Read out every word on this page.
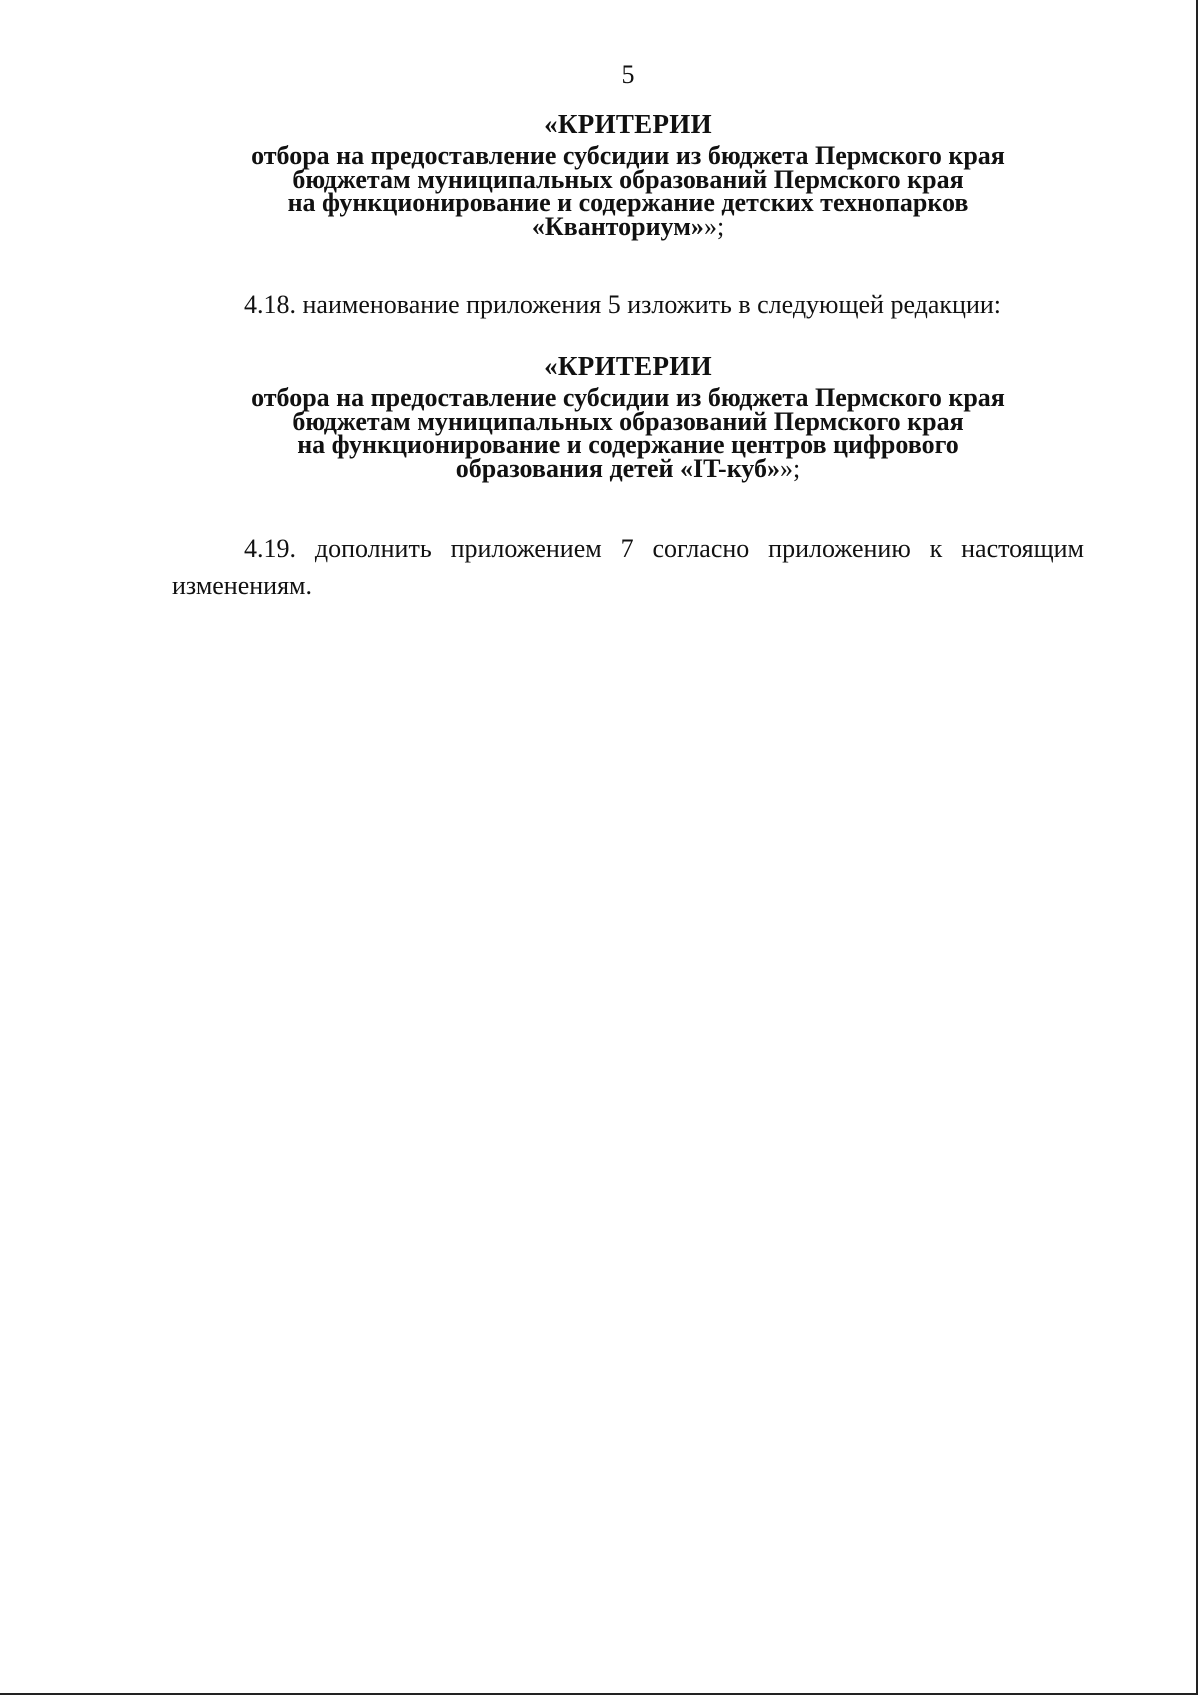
5
«КРИТЕРИИ
отбора на предоставление субсидии из бюджета Пермского края
бюджетам муниципальных образований Пермского края
на функционирование и содержание детских технопарков
«Кванториум»»;

4.18. наименование приложения 5 изложить в следующей редакции:

«КРИТЕРИИ
отбора на предоставление субсидии из бюджета Пермского края
бюджетам муниципальных образований Пермского края
на функционирование и содержание центров цифрового
образования детей «IT-куб»»;

4.19. дополнить приложением 7 согласно приложению к настоящим изменениям.
